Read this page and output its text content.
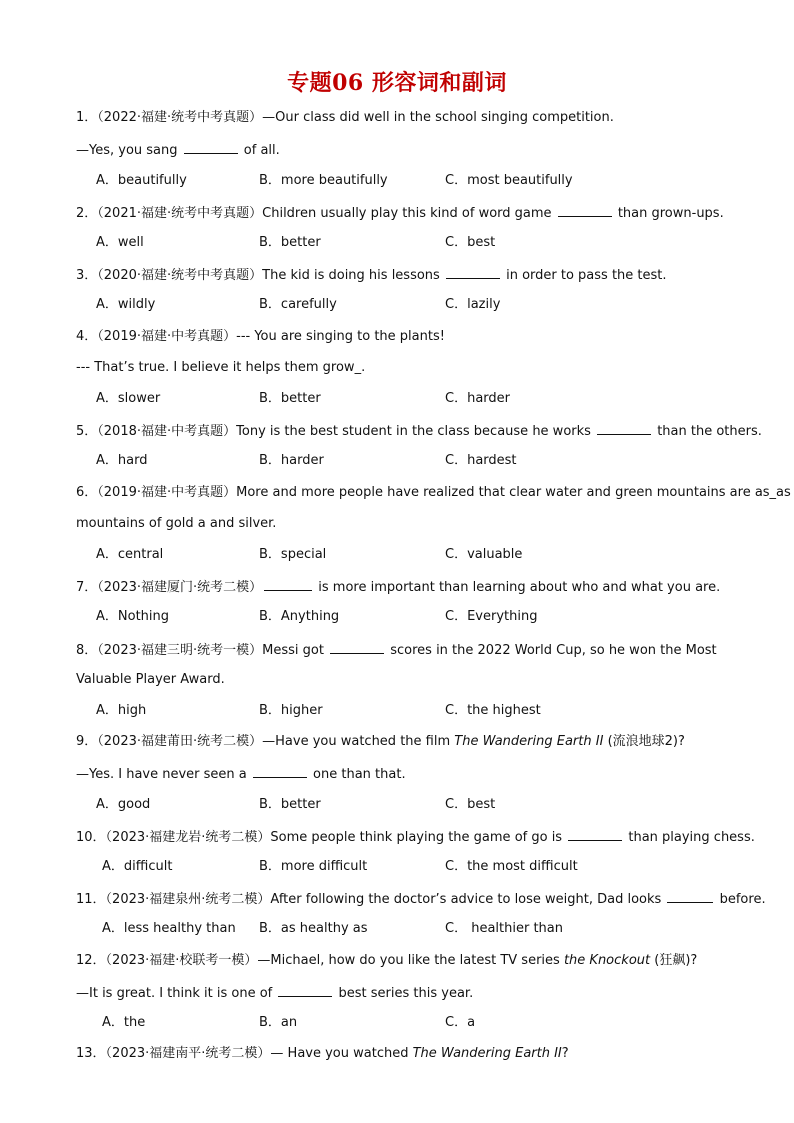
专题06 形容词和副词
1．（2022·福建·统考中考真题）—Our class did well in the school singing competition.
—Yes, you sang	of all.
A．beautifully	B．more beautifully	C．most beautifully
2．（2021·福建·统考中考真题）Children usually play this kind of word game	than grown-ups.
A．well	B．better	C．best
3．（2020·福建·统考中考真题）The kid is doing his lessons	in order to pass the test.
A．wildly	B．carefully	C．lazily
4．（2019·福建·中考真题）--- You are singing to the plants!
--- That’s true. I believe it helps them grow_.
A．slower	B．better	C．harder
5．（2018·福建·中考真题）Tony is the best student in the class because he works	than the others.
A．hard	B．harder	C．hardest
6．（2019·福建·中考真题）More and more people have realized that clear water and green mountains are as_as
mountains of gold a and silver.
A．central	B．special	C．valuable
7．（2023·福建厦门·统考二模）	is more important than learning about who and what you are.
A．Nothing	B．Anything	C．Everything
8．（2023·福建三明·统考一模）Messi got	scores in the 2022 World Cup, so he won the Most
Valuable Player Award.
A．high	B．higher	C．the highest
9．（2023·福建莆田·统考二模）—Have you watched the film The Wandering Earth II (流浪地球2)?
—Yes. I have never seen a	one than that.
A．good	B．better	C．best
10．（2023·福建龙岩·统考二模）Some people think playing the game of go is	than playing chess.
A．difficult	B．more difficult	C．the most difficult
11．（2023·福建泉州·统考二模）After following the doctor’s advice to lose weight, Dad looks	before.
A．less healthy than B．as healthy as	C． healthier than
12．（2023·福建·校联考一模）—Michael, how do you like the latest TV series the Knockout (狂飙)?
—It is great. I think it is one of	best series this year.
A．the	B．an	C．a
13．（2023·福建南平·统考二模）— Have you watched The Wandering Earth II?
